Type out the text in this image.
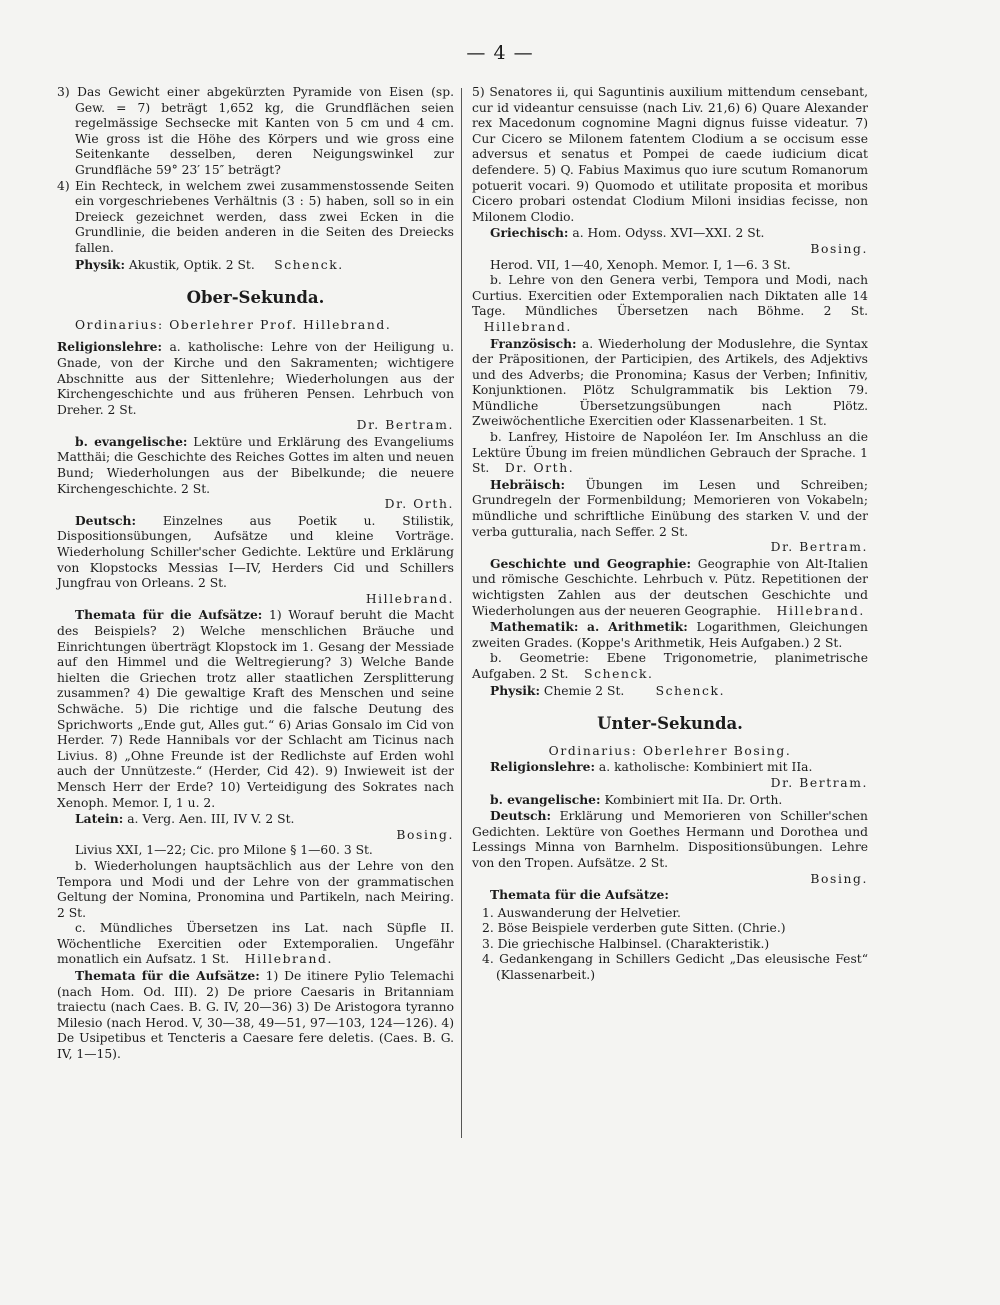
— 4 —

3) Das Gewicht einer abgekürzten Pyramide von Eisen (sp. Gew. = 7) beträgt 1,652 kg, die Grundflächen seien regelmässige Sechsecke mit Kanten von 5 cm und 4 cm. Wie gross ist die Höhe des Körpers und wie gross eine Seitenkante desselben, deren Neigungswinkel zur Grundfläche 59° 23′ 15″ beträgt?

4) Ein Rechteck, in welchem zwei zusammenstossende Seiten ein vorgeschriebenes Verhältnis (3 : 5) haben, soll so in ein Dreieck gezeichnet werden, dass zwei Ecken in die Grundlinie, die beiden anderen in die Seiten des Dreiecks fallen.

Physik: Akustik, Optik. 2 St. Schenck.

Ober-Sekunda.

Ordinarius: Oberlehrer Prof. Hillebrand.

Religionslehre: a. katholische: Lehre von der Heiligung u. Gnade, von der Kirche und den Sakramenten; wichtigere Abschnitte aus der Sittenlehre; Wiederholungen aus der Kirchengeschichte und aus früheren Pensen. Lehrbuch von Dreher. 2 St.

Dr. Bertram.

b. evangelische: Lektüre und Erklärung des Evangeliums Matthäi; die Geschichte des Reiches Gottes im alten und neuen Bund; Wiederholungen aus der Bibelkunde; die neuere Kirchengeschichte. 2 St.

Dr. Orth.

Deutsch: Einzelnes aus Poetik u. Stilistik, Dispositionsübungen, Aufsätze und kleine Vorträge. Wiederholung Schiller'scher Gedichte. Lektüre und Erklärung von Klopstocks Messias I—IV, Herders Cid und Schillers Jungfrau von Orleans. 2 St.

Hillebrand.

Themata für die Aufsätze: 1) Worauf beruht die Macht des Beispiels? 2) Welche menschlichen Bräuche und Einrichtungen überträgt Klopstock im 1. Gesang der Messiade auf den Himmel und die Weltregierung? 3) Welche Bande hielten die Griechen trotz aller staatlichen Zersplitterung zusammen? 4) Die gewaltige Kraft des Menschen und seine Schwäche. 5) Die richtige und die falsche Deutung des Sprichworts „Ende gut, Alles gut.“ 6) Arias Gonsalo im Cid von Herder. 7) Rede Hannibals vor der Schlacht am Ticinus nach Livius. 8) „Ohne Freunde ist der Redlichste auf Erden wohl auch der Unnützeste.“ (Herder, Cid 42). 9) Inwieweit ist der Mensch Herr der Erde? 10) Verteidigung des Sokrates nach Xenoph. Memor. I, 1 u. 2.

Latein: a. Verg. Aen. III, IV V. 2 St.

Bosing.

Livius XXI, 1—22; Cic. pro Milone § 1—60. 3 St.

b. Wiederholungen hauptsächlich aus der Lehre von den Tempora und Modi und der Lehre von der grammatischen Geltung der Nomina, Pronomina und Partikeln, nach Meiring. 2 St.

c. Mündliches Übersetzen ins Lat. nach Süpfle II. Wöchentliche Exercitien oder Extemporalien. Ungefähr monatlich ein Aufsatz. 1 St. Hillebrand.

Themata für die Aufsätze: 1) De itinere Pylio Telemachi (nach Hom. Od. III). 2) De priore Caesaris in Britanniam traiectu (nach Caes. B. G. IV, 20—36) 3) De Aristogora tyranno Milesio (nach Herod. V, 30—38, 49—51, 97—103, 124—126). 4) De Usipetibus et Tencteris a Caesare fere deletis. (Caes. B. G. IV, 1—15).

5) Senatores ii, qui Saguntinis auxilium mittendum censebant, cur id videantur censuisse (nach Liv. 21,6) 6) Quare Alexander rex Macedonum cognomine Magni dignus fuisse videatur. 7) Cur Cicero se Milonem fatentem Clodium a se occisum esse adversus et senatus et Pompei de caede iudicium dicat defendere. 5) Q. Fabius Maximus quo iure scutum Romanorum potuerit vocari. 9) Quomodo et utilitate proposita et moribus Cicero probari ostendat Clodium Miloni insidias fecisse, non Milonem Clodio.

Griechisch: a. Hom. Odyss. XVI—XXI. 2 St.

Bosing.

Herod. VII, 1—40, Xenoph. Memor. I, 1—6. 3 St.

b. Lehre von den Genera verbi, Tempora und Modi, nach Curtius. Exercitien oder Extemporalien nach Diktaten alle 14 Tage. Mündliches Übersetzen nach Böhme. 2 St.    Hillebrand.

Französisch: a. Wiederholung der Moduslehre, die Syntax der Präpositionen, der Participien, des Artikels, des Adjektivs und des Adverbs; die Pronomina; Kasus der Verben; Infinitiv, Konjunktionen. Plötz Schulgrammatik bis Lektion 79. Mündliche Übersetzungsübungen nach Plötz. Zweiwöchentliche Exercitien oder Klassenarbeiten. 1 St.

b. Lanfrey, Histoire de Napoléon Ier. Im Anschluss an die Lektüre Übung im freien mündlichen Gebrauch der Sprache. 1 St. Dr. Orth.

Hebräisch: Übungen im Lesen und Schreiben; Grundregeln der Formenbildung; Memorieren von Vokabeln; mündliche und schriftliche Einübung des starken V. und der verba gutturalia, nach Seffer. 2 St.

Dr. Bertram.

Geschichte und Geographie: Geographie von Alt-Italien und römische Geschichte. Lehrbuch v. Pütz. Repetitionen der wichtigsten Zahlen aus der deutschen Geschichte und Wiederholungen aus der neueren Geographie. Hillebrand.

Mathematik: a. Arithmetik: Logarithmen, Gleichungen zweiten Grades. (Koppe's Arithmetik, Heis Aufgaben.) 2 St.

b. Geometrie: Ebene Trigonometrie, planimetrische Aufgaben. 2 St. Schenck.

Physik: Chemie 2 St.	Schenck.

Unter-Sekunda.

Ordinarius: Oberlehrer Bosing.

Religionslehre: a. katholische: Kombiniert mit IIa.

Dr. Bertram.

b. evangelische: Kombiniert mit IIa. Dr. Orth.

Deutsch: Erklärung und Memorieren von Schiller'schen Gedichten. Lektüre von Goethes Hermann und Dorothea und Lessings Minna von Barnhelm. Dispositionsübungen. Lehre von den Tropen. Aufsätze. 2 St.

Bosing.

Themata für die Aufsätze:

1. Auswanderung der Helvetier.
2. Böse Beispiele verderben gute Sitten. (Chrie.)
3. Die griechische Halbinsel. (Charakteristik.)
4. Gedankengang in Schillers Gedicht „Das eleusische Fest“ (Klassenarbeit.)
